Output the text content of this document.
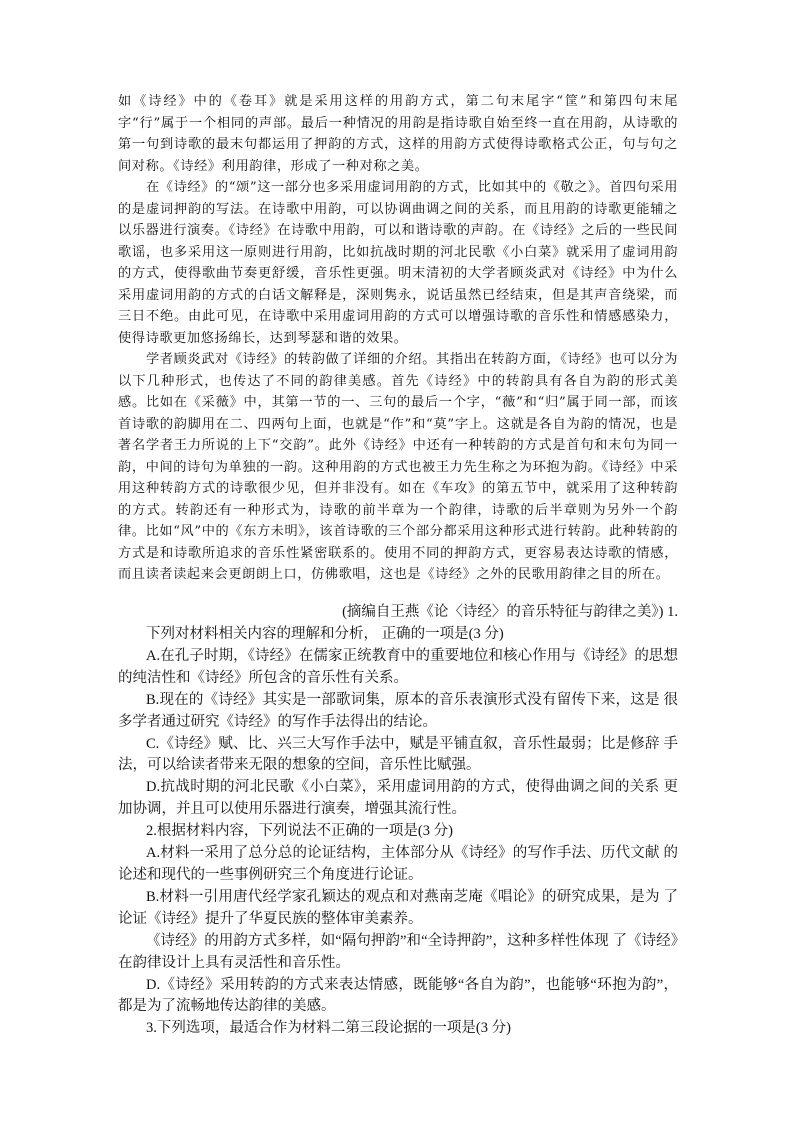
如《诗经》中的《卷耳》就是采用这样的用韵方式，第二句末尾字“筐”和第四句末尾字“行”属于一个相同的声部。最后一种情况的用韵是指诗歌自始至终一直在用韵，从诗歌的第一句到诗歌的最末句都运用了押韵的方式，这样的用韵方式使得诗歌格式公正，句与句之间对称。《诗经》利用韵律，形成了一种对称之美。

在《诗经》的“颂”这一部分也多采用虚词用韵的方式，比如其中的《敬之》。首四句采用的是虚词押韵的写法。在诗歌中用韵，可以协调曲调之间的关系，而且用韵的诗歌更能辅之以乐器进行演奏。《诗经》在诗歌中用韵，可以和谐诗歌的声韵。在《诗经》之后的一些民间歌谣，也多采用这一原则进行用韵，比如抗战时期的河北民歌《小白菜》就采用了虚词用韵的方式，使得歌曲节奏更舒缓，音乐性更强。明末清初的大学者顾炎武对《诗经》中为什么采用虚词用韵的方式的白话文解释是，深则隽永，说话虽然已经结束，但是其声音绕梁，而三日不绝。由此可见，在诗歌中采用虚词用韵的方式可以增强诗歌的音乐性和情感感染力，使得诗歌更加悠扬绵长，达到琴瑟和谐的效果。

学者顾炎武对《诗经》的转韵做了详细的介绍。其指出在转韵方面，《诗经》也可以分为以下几种形式，也传达了不同的韵律美感。首先《诗经》中的转韵具有各自为韵的形式美感。比如在《采薇》中，其第一节的一、三句的最后一个字，“薇”和“归”属于同一部，而该首诗歌的韵脚用在二、四两句上面，也就是“作”和“莫”字上。这就是各自为韵的情况，也是著名学者王力所说的上下“交韵”。此外《诗经》中还有一种转韵的方式是首句和末句为同一韵，中间的诗句为单独的一韵。这种用韵的方式也被王力先生称之为环抱为韵。《诗经》中采用这种转韵方式的诗歌很少见，但并非没有。如在《车攻》的第五节中，就采用了这种转韵的方式。转韵还有一种形式为，诗歌的前半章为一个韵律，诗歌的后半章则为另外一个韵律。比如“风”中的《东方未明》，该首诗歌的三个部分都采用这种形式进行转韵。此种转韵的方式是和诗歌所追求的音乐性紧密联系的。使用不同的押韵方式，更容易表达诗歌的情感，而且读者读起来会更朗朗上口，仿佛歌唱，这也是《诗经》之外的民歌用韵律之目的所在。

(摘编自王燕《论〈诗经〉的音乐特征与韵律之美》) 1.

下列对材料相关内容的理解和分析， 正确的一项是(3 分)

A.在孔子时期，《诗经》在儒家正统教育中的重要地位和核心作用与《诗经》的思想的纯洁性和《诗经》所包含的音乐性有关系。

B.现在的《诗经》其实是一部歌词集，原本的音乐表演形式没有留传下来，这是 很多学者通过研究《诗经》的写作手法得出的结论。

C.《诗经》赋、比、兴三大写作手法中，赋是平铺直叙，音乐性最弱；比是修辞 手法，可以给读者带来无限的想象的空间，音乐性比赋强。

D.抗战时期的河北民歌《小白菜》，采用虚词用韵的方式，使得曲调之间的关系 更加协调，并且可以使用乐器进行演奏，增强其流行性。

2.根据材料内容，下列说法不正确的一项是(3 分)

A.材料一采用了总分总的论证结构，主体部分从《诗经》的写作手法、历代文献 的论述和现代的一些事例研究三个角度进行论证。

B.材料一引用唐代经学家孔颖达的观点和对燕南芝庵《唱论》的研究成果，是为 了论证《诗经》提升了华夏民族的整体审美素养。

《诗经》的用韵方式多样，如“隔句押韵”和“全诗押韵”，这种多样性体现 了《诗经》在韵律设计上具有灵活性和音乐性。

D.《诗经》采用转韵的方式来表达情感，既能够“各自为韵”，也能够“环抱为韵”，都是为了流畅地传达韵律的美感。

3.下列选项，最适合作为材料二第三段论据的一项是(3 分)
